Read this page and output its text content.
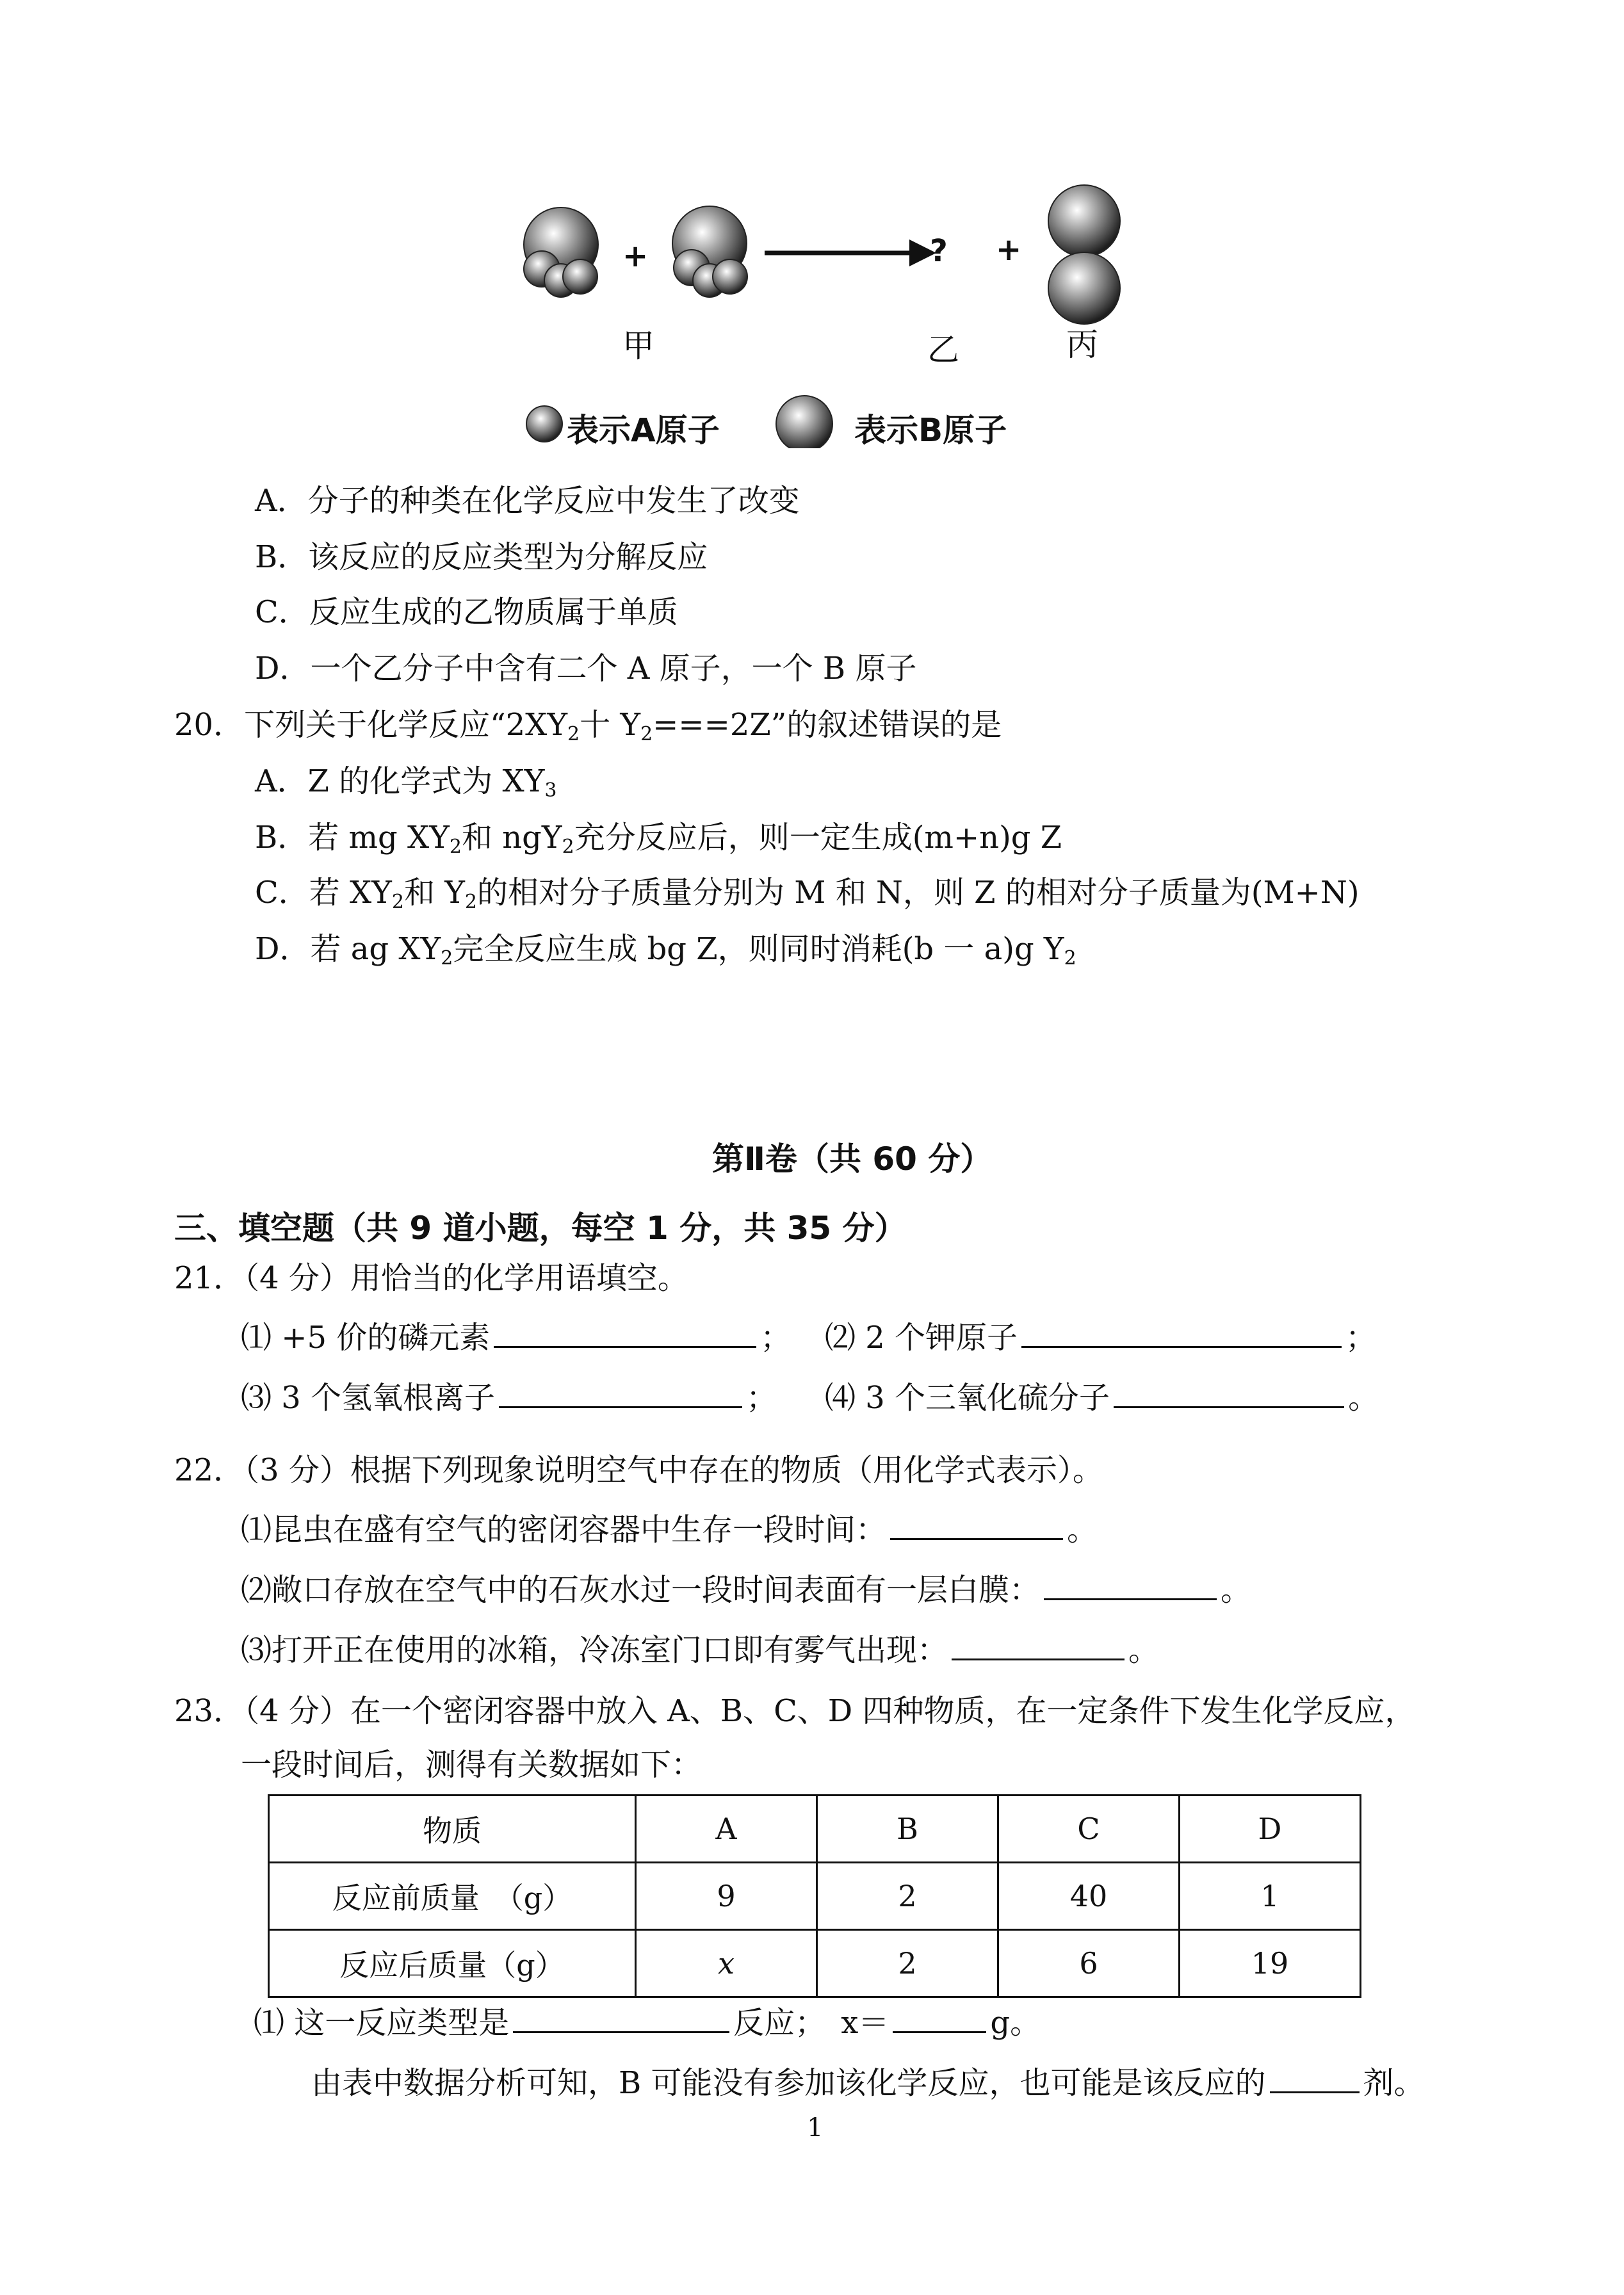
+	? +
甲	乙	丙
表示A原子	表示B原子
A．分子的种类在化学反应中发生了改变
B．该反应的反应类型为分解反应
C．反应生成的乙物质属于单质
D．一个乙分子中含有二个 A 原子，一个 B 原子
20．下列关于化学反应“$2XY_2$十 $Y_2===2Z$”的叙述错误的是
A．Z 的化学式为 $XY_3$
B．若 mg $XY_2$和 ngY$_2$充分反应后，则一定生成(m+n)g Z
C．若 $XY_2$和 $Y_2$的相对分子质量分别为 M 和 N，则 Z 的相对分子质量为(M+N)
D．若 ag $XY_2$完全反应生成 bg Z，则同时消耗(b 一 a)g $Y_2$
第Ⅱ卷（共 60 分）
三、填空题（共 9 道小题，每空 1 分，共 35 分）
21．（4 分）用恰当的化学用语填空。
⑴ +5 价的磷元素	； ⑵ 2 个钾原子	；
⑶ 3 个氢氧根离子	； ⑷ 3 个三氧化硫分子	。
22．（3 分）根据下列现象说明空气中存在的物质（用化学式表示）。
⑴昆虫在盛有空气的密闭容器中生存一段时间：	。
⑵敞口存放在空气中的石灰水过一段时间表面有一层白膜：	。
⑶打开正在使用的冰箱，冷冻室门口即有雾气出现：	。
23．（4 分）在一个密闭容器中放入 A、B、C、D 四种物质，在一定条件下发生化学反应，
一段时间后，测得有关数据如下：
物质	A	B	C	D
反应前质量　（g）	9	2	40	1
反应后质量（g）	x	2	6	19
⑴ 这一反应类型是	反应；　x＝	g。
由表中数据分析可知，B 可能没有参加该化学反应，也可能是该反应的	剂。
1
